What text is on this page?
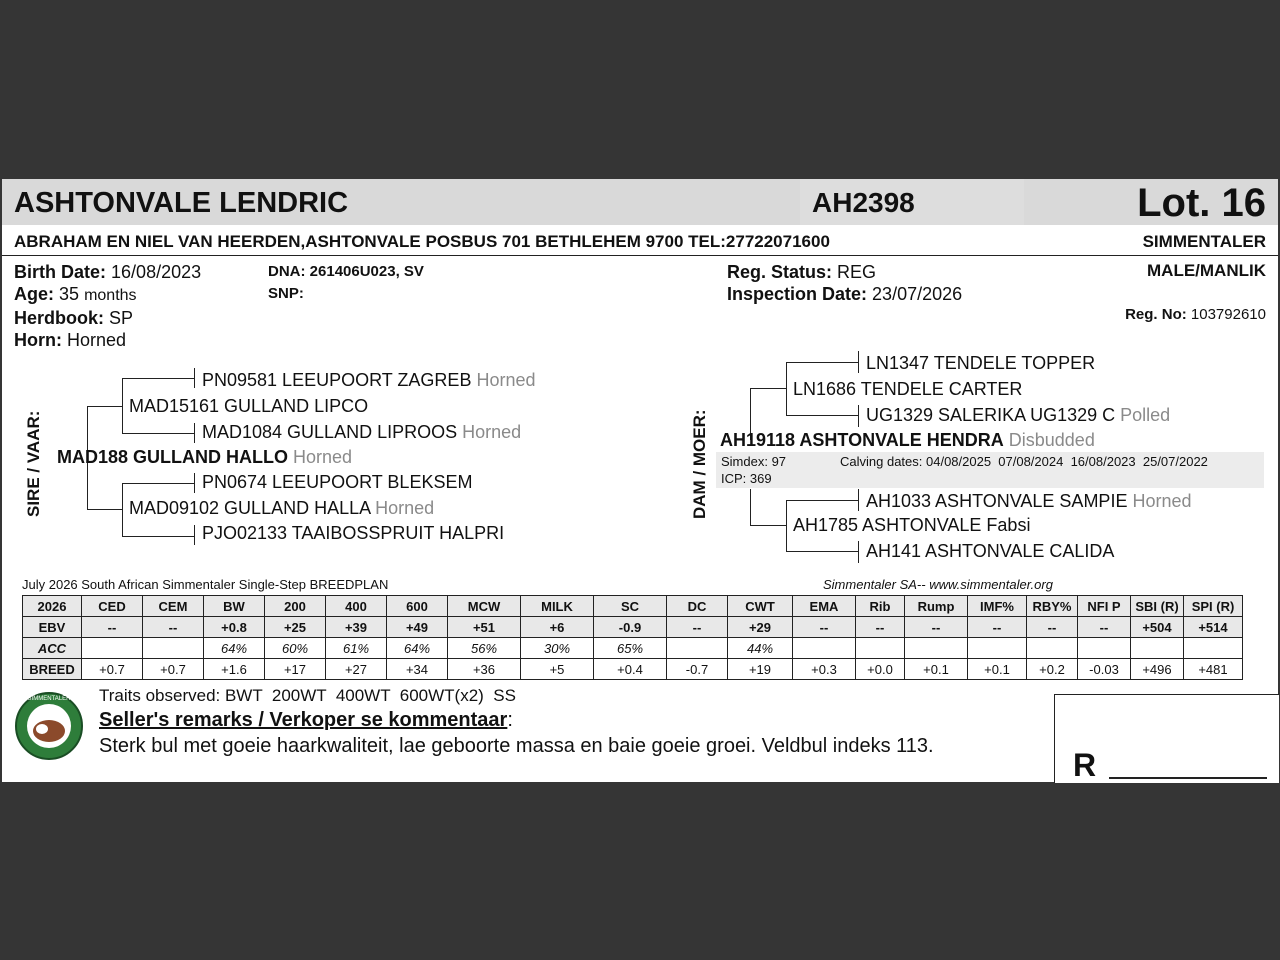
ASHTONVALE LENDRIC	AH2398	Lot. 16
ABRAHAM EN NIEL VAN HEERDEN,ASHTONVALE POSBUS 701 BETHLEHEM 9700 TEL:27722071600	SIMMENTALER
Birth Date: 16/08/2023
Age: 35 months
Herdbook: SP
Horn: Horned
DNA: 261406U023, SV
SNP:
Reg. Status: REG
Inspection Date: 23/07/2026
MALE/MANLIK
Reg. No: 103792610
SIRE / VAAR:
PN09581 LEEUPOORT ZAGREB Horned
MAD15161 GULLAND LIPCO
MAD1084 GULLAND LIPROOS Horned
MAD188 GULLAND HALLO Horned
PN0674 LEEUPOORT BLEKSEM
MAD09102 GULLAND HALLA Horned
PJO02133 TAAIBOSSPRUIT HALPRI
DAM / MOER:
LN1347 TENDELE TOPPER
LN1686 TENDELE CARTER
UG1329 SALERIKA UG1329 C Polled
AH19118 ASHTONVALE HENDRA Disbudded
Simdex: 97	Calving dates: 04/08/2025  07/08/2024  16/08/2023  25/07/2022
ICP: 369
AH1033 ASHTONVALE SAMPIE Horned
AH1785 ASHTONVALE Fabsi
AH141 ASHTONVALE CALIDA
July 2026 South African Simmentaler Single-Step BREEDPLAN	Simmentaler SA-- www.simmentaler.org
2026	CED	CEM	BW	200	400	600	MCW	MILK	SC	DC	CWT	EMA	Rib	Rump	IMF%	RBY%	NFI P	SBI (R)	SPI (R)
EBV	--	--	+0.8	+25	+39	+49	+51	+6	-0.9	--	+29	--	--	--	--	--	--	+504	+514
ACC			64%	60%	61%	64%	56%	30%	65%		44%								
BREED	+0.7	+0.7	+1.6	+17	+27	+34	+36	+5	+0.4	-0.7	+19	+0.3	+0.0	+0.1	+0.1	+0.2	-0.03	+496	+481
SIMMENTALER Traits observed: BWT  200WT  400WT  600WT(x2)  SS
Seller's remarks / Verkoper se kommentaar:
Sterk bul met goeie haarkwaliteit, lae geboorte massa en baie goeie groei. Veldbul indeks 113.
R
